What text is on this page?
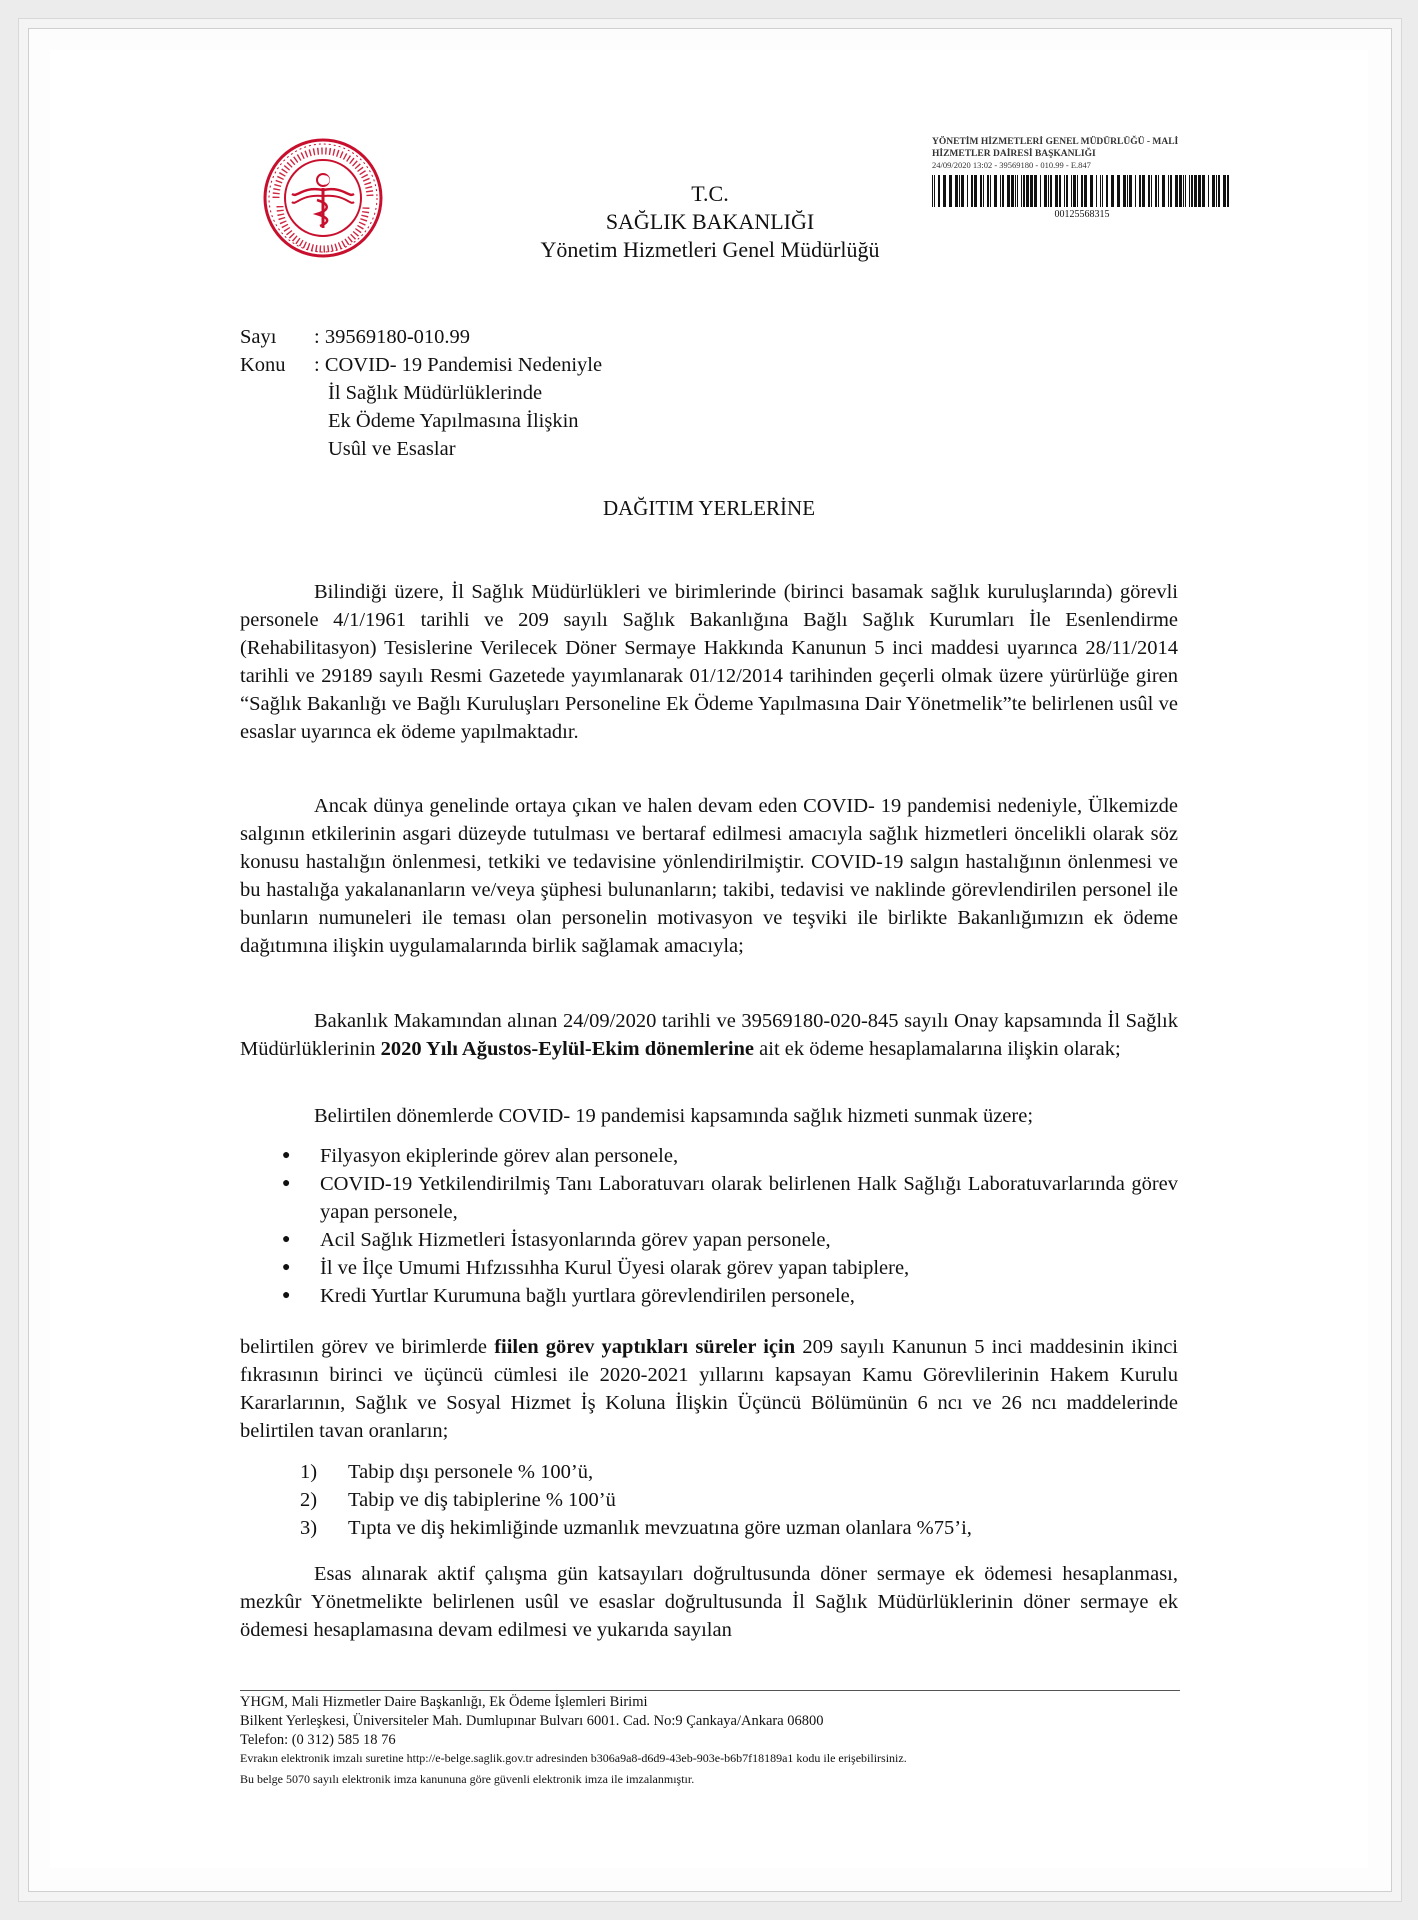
T.C.
SAĞLIK BAKANLIĞI
Yönetim Hizmetleri Genel Müdürlüğü
YÖNETİM HİZMETLERİ GENEL MÜDÜRLÜĞÜ - MALİ
HİZMETLER DAİRESİ BAŞKANLIĞI
24/09/2020 13:02 - 39569180 - 010.99 - E.847
00125568315
Sayı	: 39569180-010.99
Konu	: COVID- 19 Pandemisi Nedeniyle
İl Sağlık Müdürlüklerinde
Ek Ödeme Yapılmasına İlişkin
Usûl ve Esaslar
DAĞITIM YERLERİNE

Bilindiği üzere, İl Sağlık Müdürlükleri ve birimlerinde (birinci basamak sağlık kuruluşlarında) görevli personele 4/1/1961 tarihli ve 209 sayılı Sağlık Bakanlığına Bağlı Sağlık Kurumları İle Esenlendirme (Rehabilitasyon) Tesislerine Verilecek Döner Sermaye Hakkında Kanunun 5 inci maddesi uyarınca 28/11/2014 tarihli ve 29189 sayılı Resmi Gazetede yayımlanarak 01/12/2014 tarihinden geçerli olmak üzere yürürlüğe giren “Sağlık Bakanlığı ve Bağlı Kuruluşları Personeline Ek Ödeme Yapılmasına Dair Yönetmelik”te belirlenen usûl ve esaslar uyarınca ek ödeme yapılmaktadır.

Ancak dünya genelinde ortaya çıkan ve halen devam eden COVID- 19 pandemisi nedeniyle, Ülkemizde salgının etkilerinin asgari düzeyde tutulması ve bertaraf edilmesi amacıyla sağlık hizmetleri öncelikli olarak söz konusu hastalığın önlenmesi, tetkiki ve tedavisine yönlendirilmiştir. COVID-19 salgın hastalığının önlenmesi ve bu hastalığa yakalananların ve/veya şüphesi bulunanların; takibi, tedavisi ve naklinde görevlendirilen personel ile bunların numuneleri ile teması olan personelin motivasyon ve teşviki ile birlikte Bakanlığımızın ek ödeme dağıtımına ilişkin uygulamalarında birlik sağlamak amacıyla;

Bakanlık Makamından alınan 24/09/2020 tarihli ve 39569180-020-845 sayılı Onay kapsamında İl Sağlık Müdürlüklerinin 2020 Yılı Ağustos-Eylül-Ekim dönemlerine ait ek ödeme hesaplamalarına ilişkin olarak;

Belirtilen dönemlerde COVID- 19 pandemisi kapsamında sağlık hizmeti sunmak üzere;

●	Filyasyon ekiplerinde görev alan personele,
●	COVID-19 Yetkilendirilmiş Tanı Laboratuvarı olarak belirlenen Halk Sağlığı Laboratuvarlarında görev yapan personele,
●	Acil Sağlık Hizmetleri İstasyonlarında görev yapan personele,
●	İl ve İlçe Umumi Hıfzıssıhha Kurul Üyesi olarak görev yapan tabiplere,
●	Kredi Yurtlar Kurumuna bağlı yurtlara görevlendirilen personele,

belirtilen görev ve birimlerde fiilen görev yaptıkları süreler için 209 sayılı Kanunun 5 inci maddesinin ikinci fıkrasının birinci ve üçüncü cümlesi ile 2020-2021 yıllarını kapsayan Kamu Görevlilerinin Hakem Kurulu Kararlarının, Sağlık ve Sosyal Hizmet İş Koluna İlişkin Üçüncü Bölümünün 6 ncı ve 26 ncı maddelerinde belirtilen tavan oranların;

1)	Tabip dışı personele % 100’ü,
2)	Tabip ve diş tabiplerine % 100’ü
3)	Tıpta ve diş hekimliğinde uzmanlık mevzuatına göre uzman olanlara %75’i,

Esas alınarak aktif çalışma gün katsayıları doğrultusunda döner sermaye ek ödemesi hesaplanması, mezkûr Yönetmelikte belirlenen usûl ve esaslar doğrultusunda İl Sağlık Müdürlüklerinin döner sermaye ek ödemesi hesaplamasına devam edilmesi ve yukarıda sayılan

YHGM, Mali Hizmetler Daire Başkanlığı, Ek Ödeme İşlemleri Birimi
Bilkent Yerleşkesi, Üniversiteler Mah. Dumlupınar Bulvarı 6001. Cad. No:9 Çankaya/Ankara 06800
Telefon: (0 312) 585 18 76
Evrakın elektronik imzalı suretine http://e-belge.saglik.gov.tr adresinden b306a9a8-d6d9-43eb-903e-b6b7f18189a1 kodu ile erişebilirsiniz.
Bu belge 5070 sayılı elektronik imza kanununa göre güvenli elektronik imza ile imzalanmıştır.
